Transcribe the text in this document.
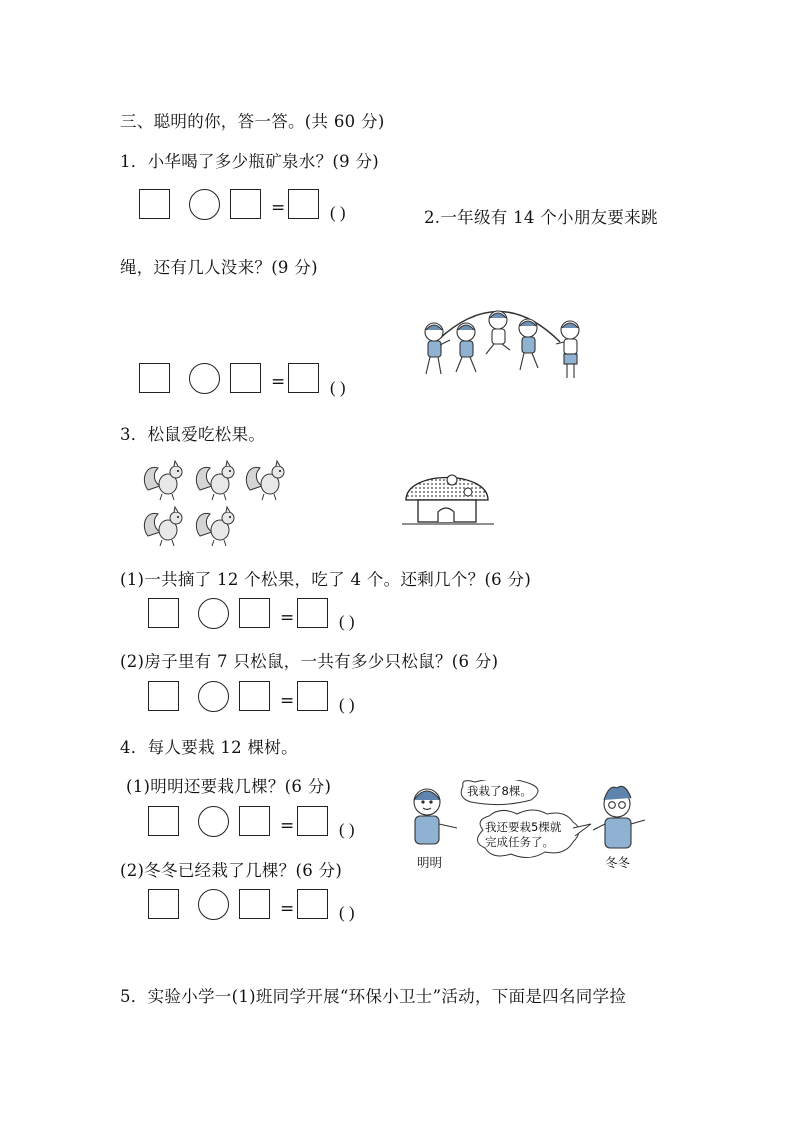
三、聪明的你，答一答。(共 60 分)
1．小华喝了多少瓶矿泉水？(9 分)
=	( )	2.一年级有 14 个小朋友要来跳
绳，还有几人没来？(9 分)
=	( )
3．松鼠爱吃松果。
(1)一共摘了 12 个松果，吃了 4 个。还剩几个？(6 分)
=	( )
(2)房子里有 7 只松鼠，一共有多少只松鼠？(6 分)
=	( )
4．每人要栽 12 棵树。
(1)明明还要栽几棵？(6 分)
=	( )
(2)冬冬已经栽了几棵？(6 分)
=	( )
我栽了8棵。
我还要栽5棵就
完成任务了。
明明	冬冬
5．实验小学一(1)班同学开展“环保小卫士”活动，下面是四名同学捡
